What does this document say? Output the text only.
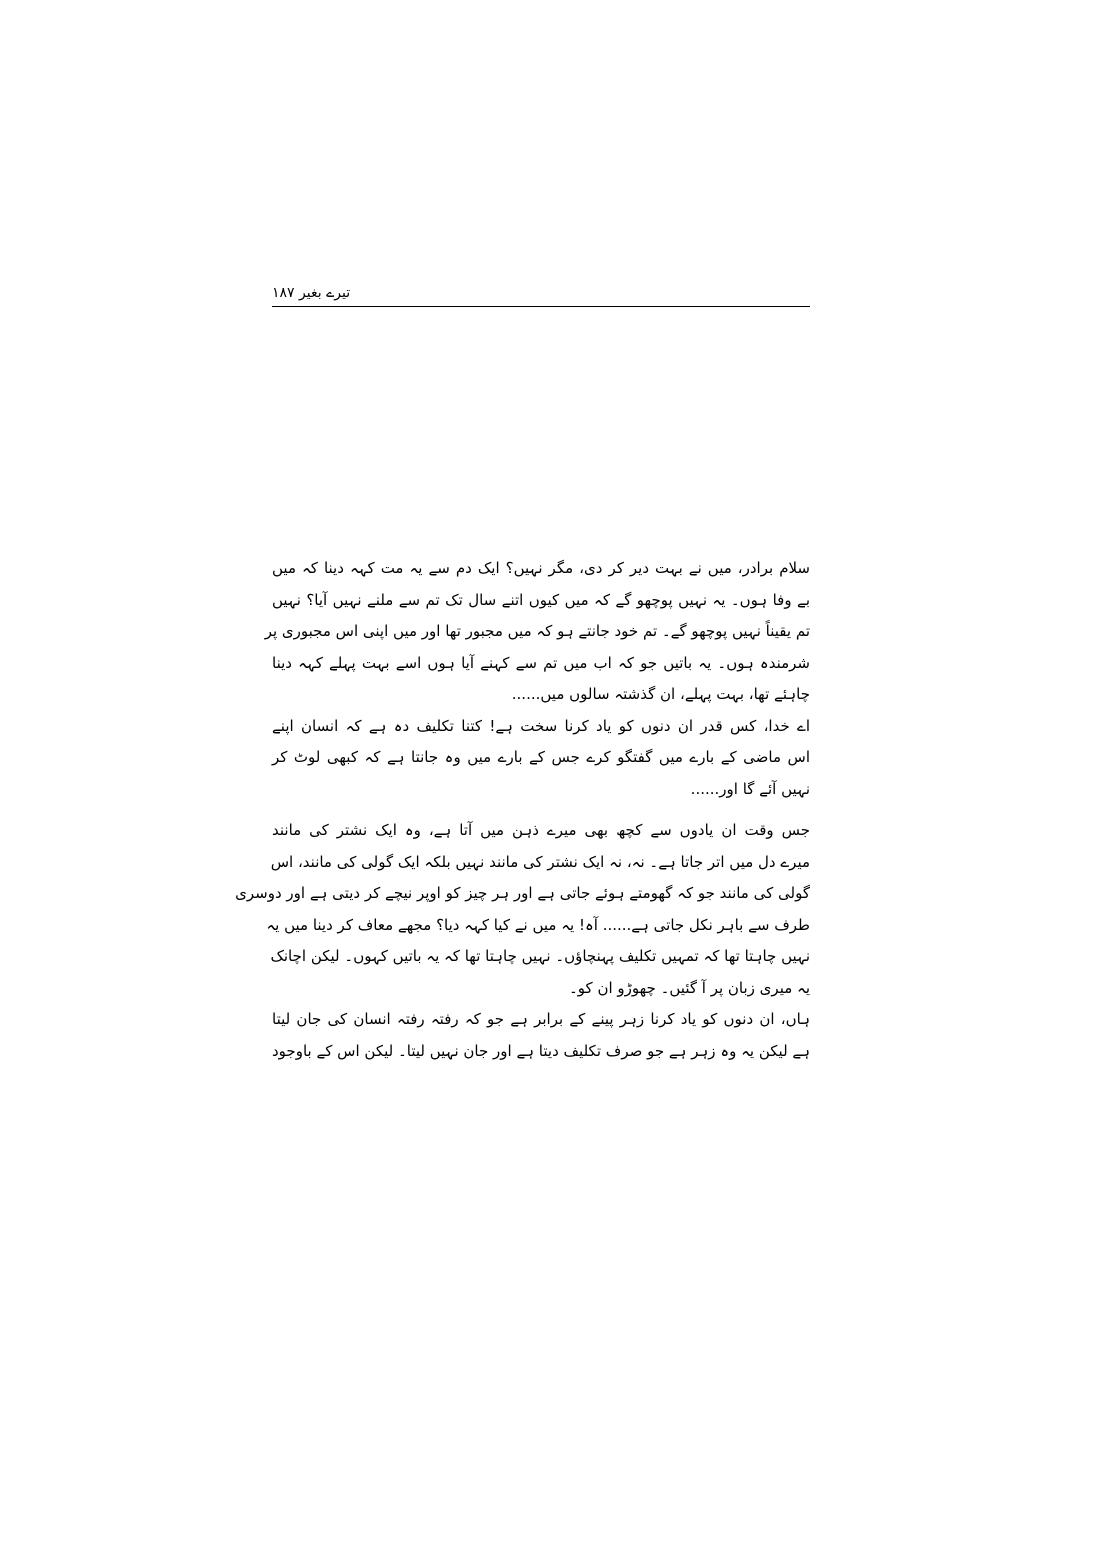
تیرے بغیر ۱۸۷
سلام برادر، میں نے بہت دیر کر دی، مگر نہیں؟ ایک دم سے یہ مت کہہ دینا کہ میں
بے وفا ہوں۔ یہ نہیں پوچھو گے کہ میں کیوں اتنے سال تک تم سے ملنے نہیں آیا؟ نہیں
تم یقیناً نہیں پوچھو گے۔ تم خود جانتے ہو کہ میں مجبور تھا اور میں اپنی اس مجبوری پر
شرمندہ ہوں۔ یہ باتیں جو کہ اب میں تم سے کہنے آیا ہوں اسے بہت پہلے کہہ دینا
چاہئے تھا، بہت پہلے، ان گذشتہ سالوں میں......
اے خدا، کس قدر ان دنوں کو یاد کرنا سخت ہے! کتنا تکلیف دہ ہے کہ انسان اپنے
اس ماضی کے بارے میں گفتگو کرے جس کے بارے میں وہ جانتا ہے کہ کبھی لوٹ کر
نہیں آئے گا اور......
جس وقت ان یادوں سے کچھ بھی میرے ذہن میں آتا ہے، وہ ایک نشتر کی مانند
میرے دل میں اتر جاتا ہے۔ نہ، نہ ایک نشتر کی مانند نہیں بلکہ ایک گولی کی مانند، اس
گولی کی مانند جو کہ گھومتے ہوئے جاتی ہے اور ہر چیز کو اوپر نیچے کر دیتی ہے اور دوسری
طرف سے باہر نکل جاتی ہے...... آہ! یہ میں نے کیا کہہ دیا؟ مجھے معاف کر دینا میں یہ
نہیں چاہتا تھا کہ تمہیں تکلیف پہنچاؤں۔ نہیں چاہتا تھا کہ یہ باتیں کہوں۔ لیکن اچانک
یہ میری زبان پر آ گئیں۔ چھوڑو ان کو۔
ہاں، ان دنوں کو یاد کرنا زہر پینے کے برابر ہے جو کہ رفتہ رفتہ انسان کی جان لیتا
ہے لیکن یہ وہ زہر ہے جو صرف تکلیف دیتا ہے اور جان نہیں لیتا۔ لیکن اس کے باوجود
